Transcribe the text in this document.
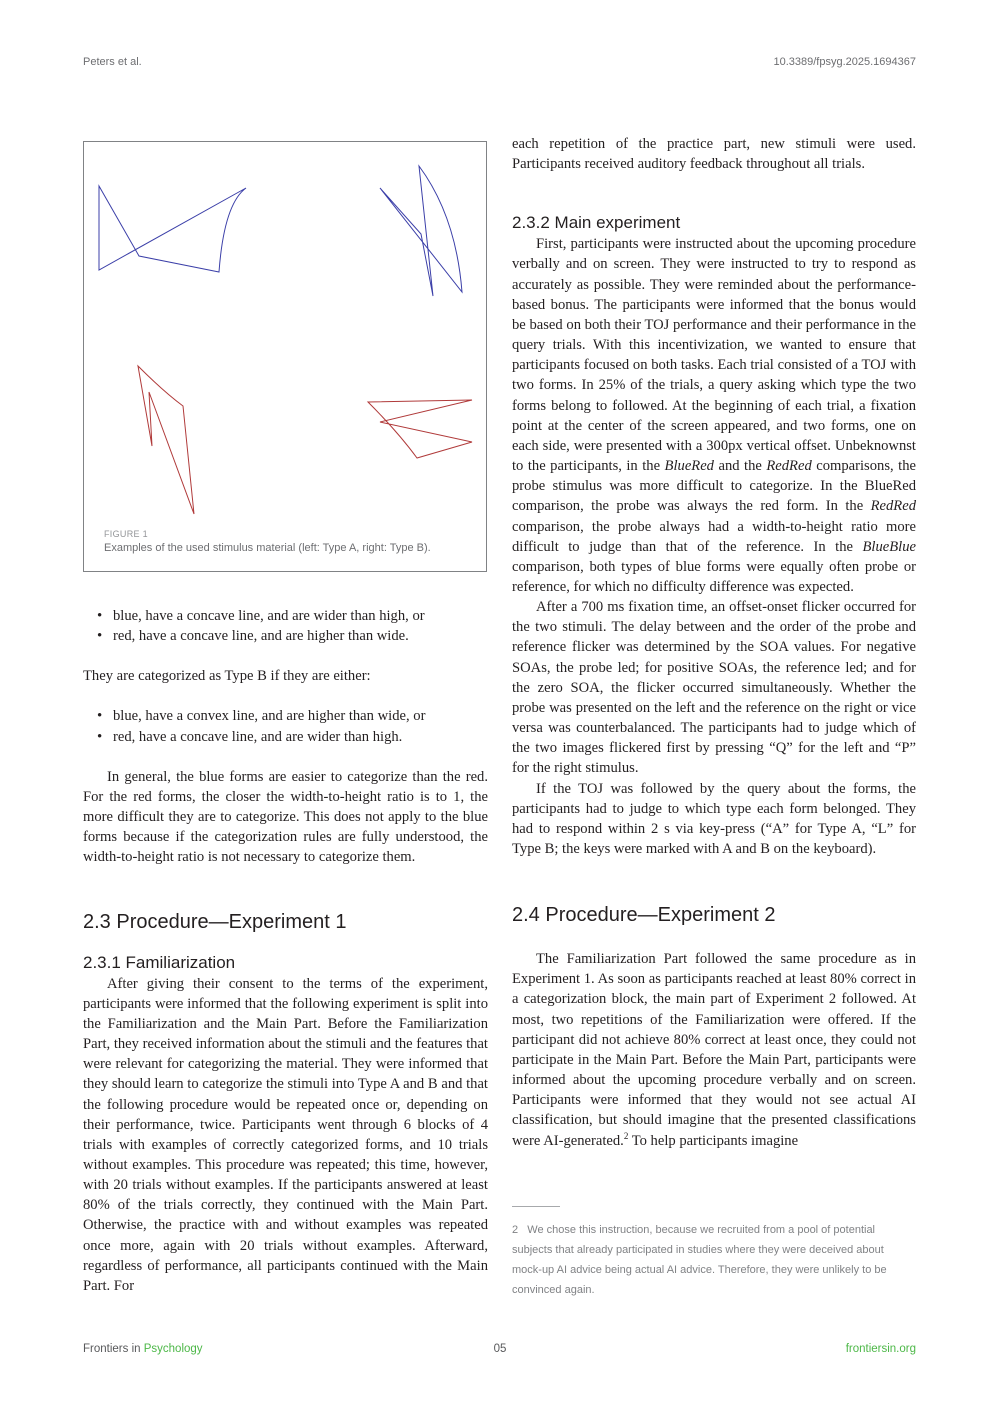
Peters et al.	10.3389/fpsyg.2025.1694367
FIGURE 1
Examples of the used stimulus material (left: Type A, right: Type B).
• blue, have a concave line, and are wider than high, or
• red, have a concave line, and are higher than wide.

They are categorized as Type B if they are either:

• blue, have a convex line, and are higher than wide, or
• red, have a concave line, and are wider than high.

In general, the blue forms are easier to categorize than the red. For the red forms, the closer the width-to-height ratio is to 1, the more difficult they are to categorize. This does not apply to the blue forms because if the categorization rules are fully understood, the width-to-height ratio is not necessary to categorize them.

2.3 Procedure—Experiment 1
2.3.1 Familiarization

After giving their consent to the terms of the experiment, participants were informed that the following experiment is split into the Familiarization and the Main Part. Before the Familiarization Part, they received information about the stimuli and the features that were relevant for categorizing the material. They were informed that they should learn to categorize the stimuli into Type A and B and that the following procedure would be repeated once or, depending on their performance, twice. Participants went through 6 blocks of 4 trials with examples of correctly categorized forms, and 10 trials without examples. This procedure was repeated; this time, however, with 20 trials without examples. If the participants answered at least 80% of the trials correctly, they continued with the Main Part. Otherwise, the practice with and without examples was repeated once more, again with 20 trials without examples. Afterward, regardless of performance, all participants continued with the Main Part. For

each repetition of the practice part, new stimuli were used. Participants received auditory feedback throughout all trials.

2.3.2 Main experiment

First, participants were instructed about the upcoming procedure verbally and on screen. They were instructed to try to respond as accurately as possible. They were reminded about the performance-based bonus. The participants were informed that the bonus would be based on both their TOJ performance and their performance in the query trials. With this incentivization, we wanted to ensure that participants focused on both tasks. Each trial consisted of a TOJ with two forms. In 25% of the trials, a query asking which type the two forms belong to followed. At the beginning of each trial, a fixation point at the center of the screen appeared, and two forms, one on each side, were presented with a 300px vertical offset. Unbeknownst to the participants, in the BlueRed and the RedRed comparisons, the probe stimulus was more difficult to categorize. In the BlueRed comparison, the probe was always the red form. In the RedRed comparison, the probe always had a width-to-height ratio more difficult to judge than that of the reference. In the BlueBlue comparison, both types of blue forms were equally often probe or reference, for which no difficulty difference was expected.

After a 700 ms fixation time, an offset-onset flicker occurred for the two stimuli. The delay between and the order of the probe and reference flicker was determined by the SOA values. For negative SOAs, the probe led; for positive SOAs, the reference led; and for the zero SOA, the flicker occurred simultaneously. Whether the probe was presented on the left and the reference on the right or vice versa was counterbalanced. The participants had to judge which of the two images flickered first by pressing “Q” for the left and “P” for the right stimulus.

If the TOJ was followed by the query about the forms, the participants had to judge to which type each form belonged. They had to respond within 2 s via key-press (“A” for Type A, “L” for Type B; the keys were marked with A and B on the keyboard).

2.4 Procedure—Experiment 2

The Familiarization Part followed the same procedure as in Experiment 1. As soon as participants reached at least 80% correct in a categorization block, the main part of Experiment 2 followed. At most, two repetitions of the Familiarization were offered. If the participant did not achieve 80% correct at least once, they could not participate in the Main Part. Before the Main Part, participants were informed about the upcoming procedure verbally and on screen. Participants were informed that they would not see actual AI classification, but should imagine that the presented classifications were AI-generated.$^2$ To help participants imagine

2 We chose this instruction, because we recruited from a pool of potential subjects that already participated in studies where they were deceived about mock-up AI advice being actual AI advice. Therefore, they were unlikely to be convinced again.
Frontiers in Psychology	05	frontiersin.org
